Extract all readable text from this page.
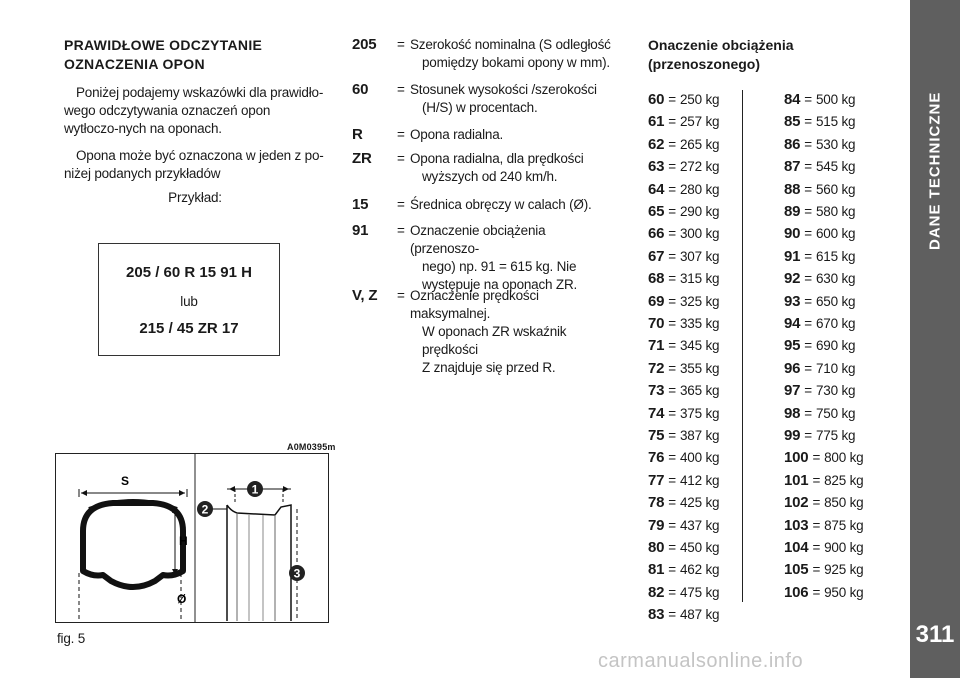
DANE TECHNICZNE
311
carmanualsonline.info
PRAWIDŁOWE ODCZYTANIE
OZNACZENIA OPON
Poniżej podajemy wskazówki dla prawidło-wego odczytywania oznaczeń opon wytłoczo-nych na oponach.
Opona może być oznaczona w jeden z po-niżej podanych przykładów
Przykład:
205 / 60 R 15 91 H
lub
215 / 45 ZR 17
A0M0395m
S
H
Ø
1
2
3
fig. 5
205	= Szerokość nominalna (S odległość
pomiędzy bokami opony w mm).
60	= Stosunek wysokości /szerokości
(H/S) w procentach.
R	= Opona radialna.
ZR	= Opona radialna, dla prędkości
wyższych od 240 km/h.
15	= Średnica obręczy w calach (Ø).
91	= Oznaczenie obciążenia (przenoszo-
nego) np. 91 = 615 kg. Nie
występuje na oponach ZR.
V, Z	= Oznaczenie prędkości maksymalnej.
W oponach ZR wskaźnik prędkości
Z znajduje się przed R.
Onaczenie obciążenia
(przenoszonego)
60 = 250 kg
61 = 257 kg
62 = 265 kg
63 = 272 kg
64 = 280 kg
65 = 290 kg
66 = 300 kg
67 = 307 kg
68 = 315 kg
69 = 325 kg
70 = 335 kg
71 = 345 kg
72 = 355 kg
73 = 365 kg
74 = 375 kg
75 = 387 kg
76 = 400 kg
77 = 412 kg
78 = 425 kg
79 = 437 kg
80 = 450 kg
81 = 462 kg
82 = 475 kg
83 = 487 kg
84 = 500 kg
85 = 515 kg
86 = 530 kg
87 = 545 kg
88 = 560 kg
89 = 580 kg
90 = 600 kg
91 = 615 kg
92 = 630 kg
93 = 650 kg
94 = 670 kg
95 = 690 kg
96 = 710 kg
97 = 730 kg
98 = 750 kg
99 = 775 kg
100 = 800 kg
101 = 825 kg
102 = 850 kg
103 = 875 kg
104 = 900 kg
105 = 925 kg
106 = 950 kg
